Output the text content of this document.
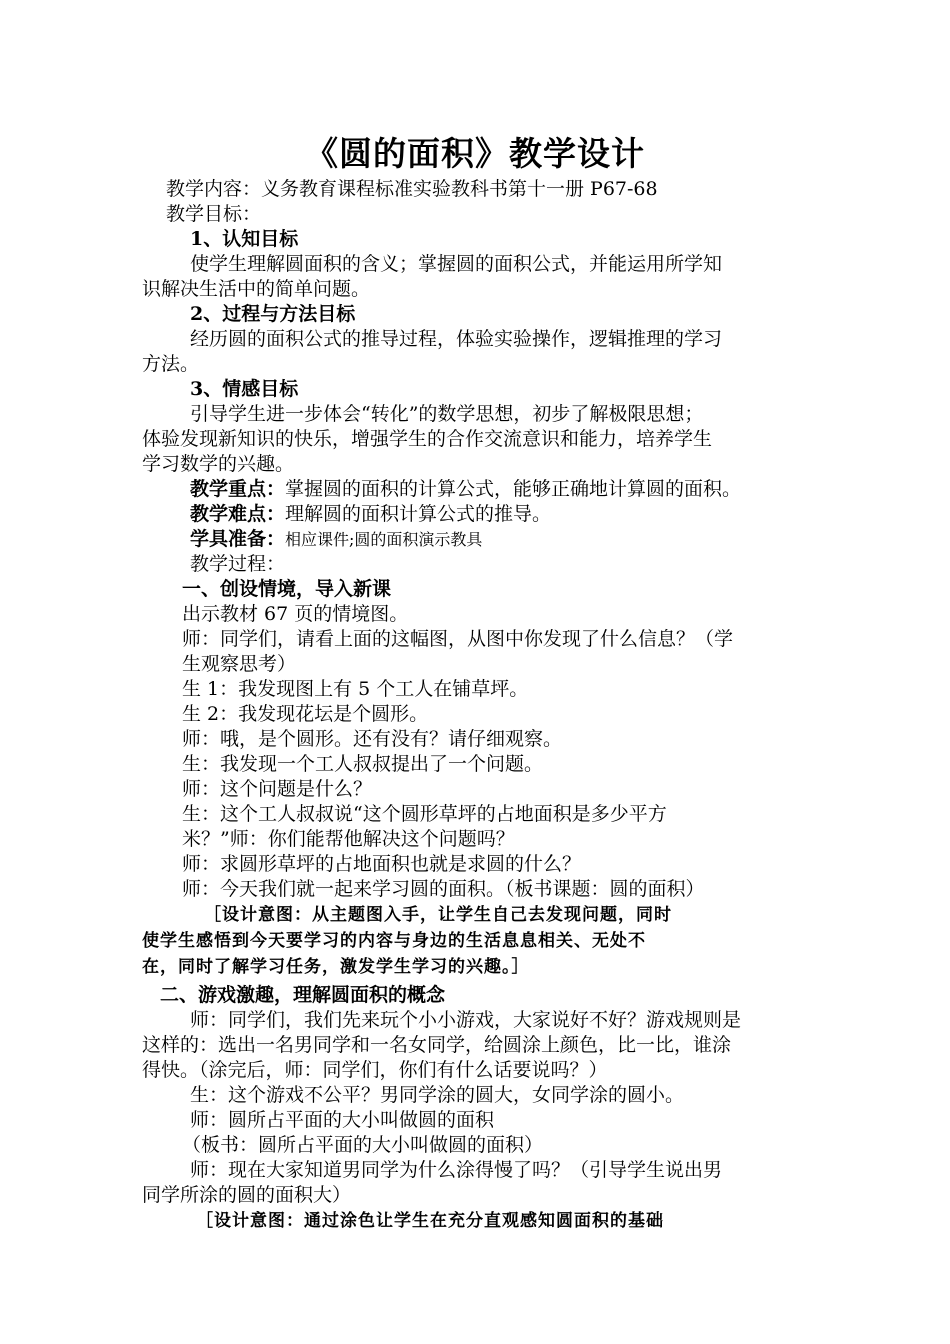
《圆的面积》教学设计

教学内容：义务教育课程标准实验教科书第十一册 P67-68

教学目标：

1、认知目标

使学生理解圆面积的含义；掌握圆的面积公式，并能运用所学知

识解决生活中的简单问题。

2、过程与方法目标

经历圆的面积公式的推导过程，体验实验操作，逻辑推理的学习

方法。

3、情感目标

引导学生进一步体会“转化”的数学思想，初步了解极限思想；

体验发现新知识的快乐，增强学生的合作交流意识和能力，培养学生

学习数学的兴趣。

教学重点：掌握圆的面积的计算公式，能够正确地计算圆的面积。

教学难点：理解圆的面积计算公式的推导。

学具准备：相应课件;圆的面积演示教具

教学过程：

一、创设情境，导入新课

出示教材 67 页的情境图。

师：同学们，请看上面的这幅图，从图中你发现了什么信息？（学

生观察思考）

生 1：我发现图上有 5 个工人在铺草坪。

生 2：我发现花坛是个圆形。

师：哦，是个圆形。还有没有？请仔细观察。

生：我发现一个工人叔叔提出了一个问题。

师：这个问题是什么？

生：这个工人叔叔说“这个圆形草坪的占地面积是多少平方

米？”师：你们能帮他解决这个问题吗？

师：求圆形草坪的占地面积也就是求圆的什么？

师：今天我们就一起来学习圆的面积。（板书课题：圆的面积）

［设计意图：从主题图入手，让学生自己去发现问题，同时

使学生感悟到今天要学习的内容与身边的生活息息相关、无处不

在，同时了解学习任务，激发学生学习的兴趣。］

二、游戏激趣，理解圆面积的概念

师：同学们，我们先来玩个小小游戏，大家说好不好？游戏规则是

这样的：选出一名男同学和一名女同学，给圆涂上颜色，比一比，谁涂

得快。（涂完后，师：同学们，你们有什么话要说吗？）

生：这个游戏不公平？男同学涂的圆大，女同学涂的圆小。

师：圆所占平面的大小叫做圆的面积

（板书：圆所占平面的大小叫做圆的面积）

师：现在大家知道男同学为什么涂得慢了吗？（引导学生说出男

同学所涂的圆的面积大）

［设计意图：通过涂色让学生在充分直观感知圆面积的基础
